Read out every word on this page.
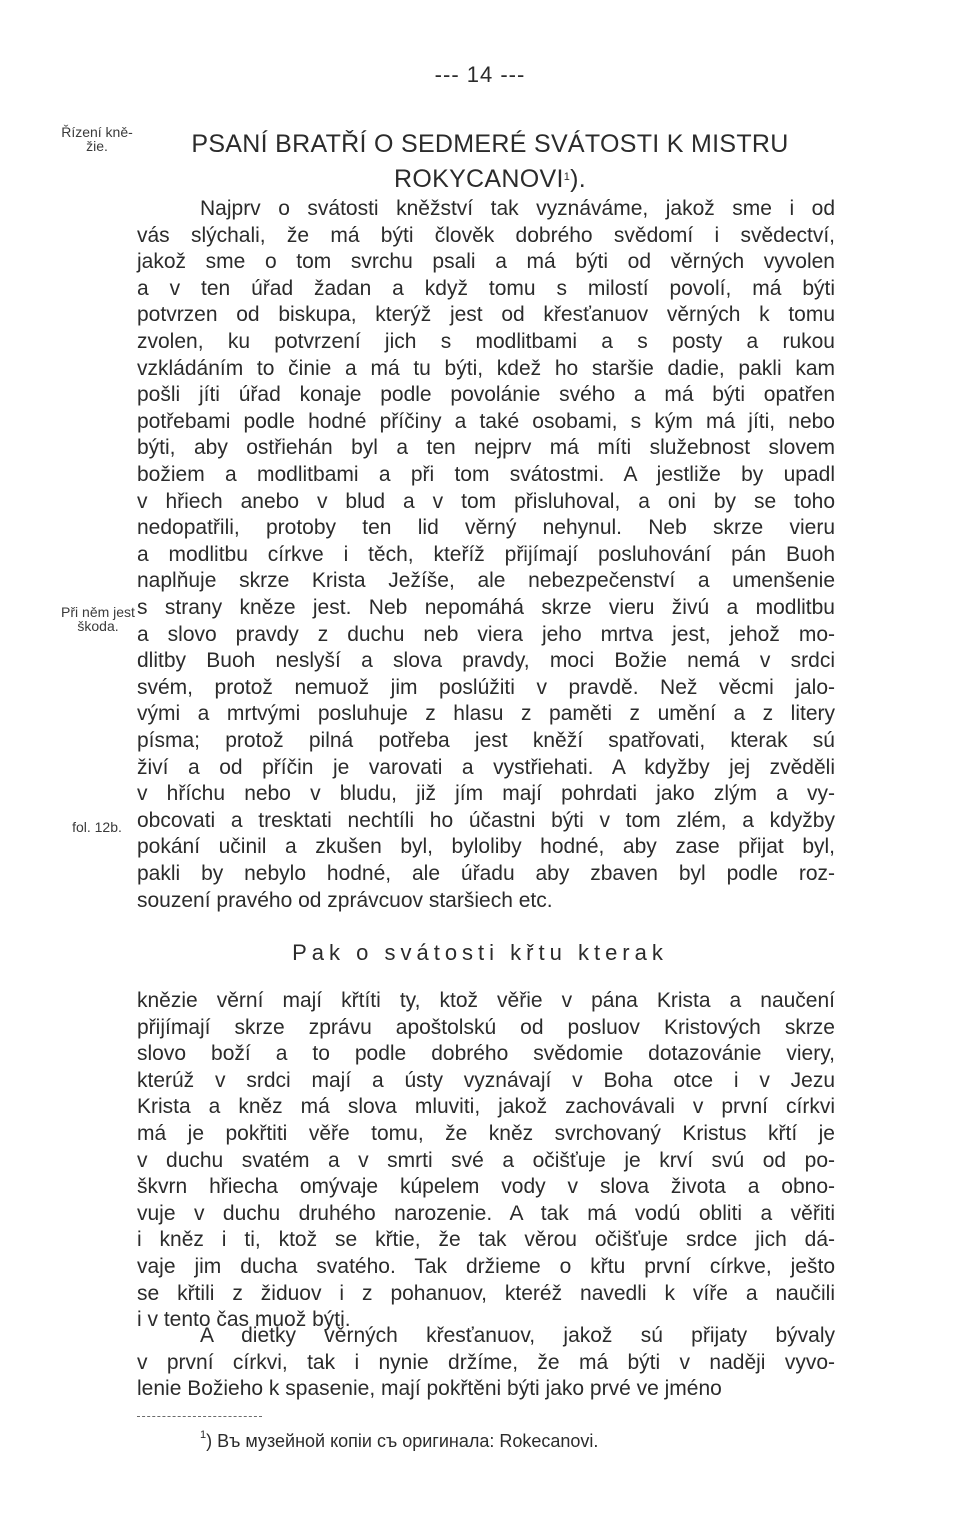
--- 14 ---
Řízení kně-
žie.
Při něm jest
škoda.
fol. 12b.
PSANÍ BRATŘÍ O SEDMERÉ SVÁTOSTI K MISTRU
ROKYCANOVI$^1$).
Najprv o svátosti kněžství tak vyznáváme, jakož sme i od
vás slýchali, že má býti člověk dobrého svědomí i svědectví,
jakož sme o tom svrchu psali a má býti od věrných vyvolen
a v ten úřad žadan a když tomu s milostí povolí, má býti
potvrzen od biskupa, kterýž jest od křesťanuov věrných k tomu
zvolen, ku potvrzení jich s modlitbami a s posty a rukou
vzkládáním to činie a má tu býti, kdež ho staršie dadie, pakli kam
pošli jíti úřad konaje podle povolánie svého a má býti opatřen
potřebami podle hodné příčiny a také osobami, s kým má jíti, nebo
býti, aby ostřiehán byl a ten nejprv má míti služebnost slovem
božiem a modlitbami a při tom svátostmi. A jestliže by upadl
v hřiech anebo v blud a v tom přisluhoval, a oni by se toho
nedopatřili, protoby ten lid věrný nehynul. Neb skrze vieru
a modlitbu církve i těch, kteříž přijímají posluhování pán Buoh
naplňuje skrze Krista Ježíše, ale nebezpečenství a umenšenie
s strany kněze jest. Neb nepomáhá skrze vieru živú a modlitbu
a slovo pravdy z duchu neb viera jeho mrtva jest, jehož mo-
dlitby Buoh neslyší a slova pravdy, moci Božie nemá v srdci
svém, protož nemuož jim poslúžiti v pravdě. Než věcmi jalo-
vými a mrtvými posluhuje z hlasu z paměti z umění a z litery
písma; protož pilná potřeba jest kněží spatřovati, kterak sú
živí a od příčin je varovati a vystřiehati. A kdyžby jej zvěděli
v hříchu nebo v bludu, již jím mají pohrdati jako zlým a vy-
obcovati a tresktati nechtíli ho účastni býti v tom zlém, a kdyžby
pokání učinil a zkušen byl, byloliby hodné, aby zase přijat byl,
pakli by nebylo hodné, ale úřadu aby zbaven byl podle roz-
souzení pravého od zprávcuov staršiech etc.
Pak o svátosti křtu kterak
knězie věrní mají křtíti ty, ktož věřie v pána Krista a naučení
přijímají skrze zprávu apoštolskú od posluov Kristových skrze
slovo boží a to podle dobrého svědomie dotazovánie viery,
kterúž v srdci mají a ústy vyznávají v Boha otce i v Jezu
Krista a kněz má slova mluviti, jakož zachovávali v první církvi
má je pokřtiti věře tomu, že kněz svrchovaný Kristus křtí je
v duchu svatém a v smrti své a očišťuje je krví svú od po-
škvrn hřiecha omývaje kúpelem vody v slova života a obno-
vuje v duchu druhého narozenie. A tak má vodú obliti a věřiti
i kněz i ti, ktož se křtie, že tak věrou očišťuje srdce jich dá-
vaje jim ducha svatého. Tak držieme o křtu první církve, ješto
se křtili z židuov i z pohanuov, kteréž navedli k víře a naučili
i v tento čas muož býti.
A dietky věrných křesťanuov, jakož sú přijaty bývaly
v první církvi, tak i nynie držíme, že má býti v naději vyvo-
lenie Božieho k spasenie, mají pokřtěni býti jako prvé ve jméno
$^1$) Въ музейной копіи съ оригинала: Rokecanovi.
